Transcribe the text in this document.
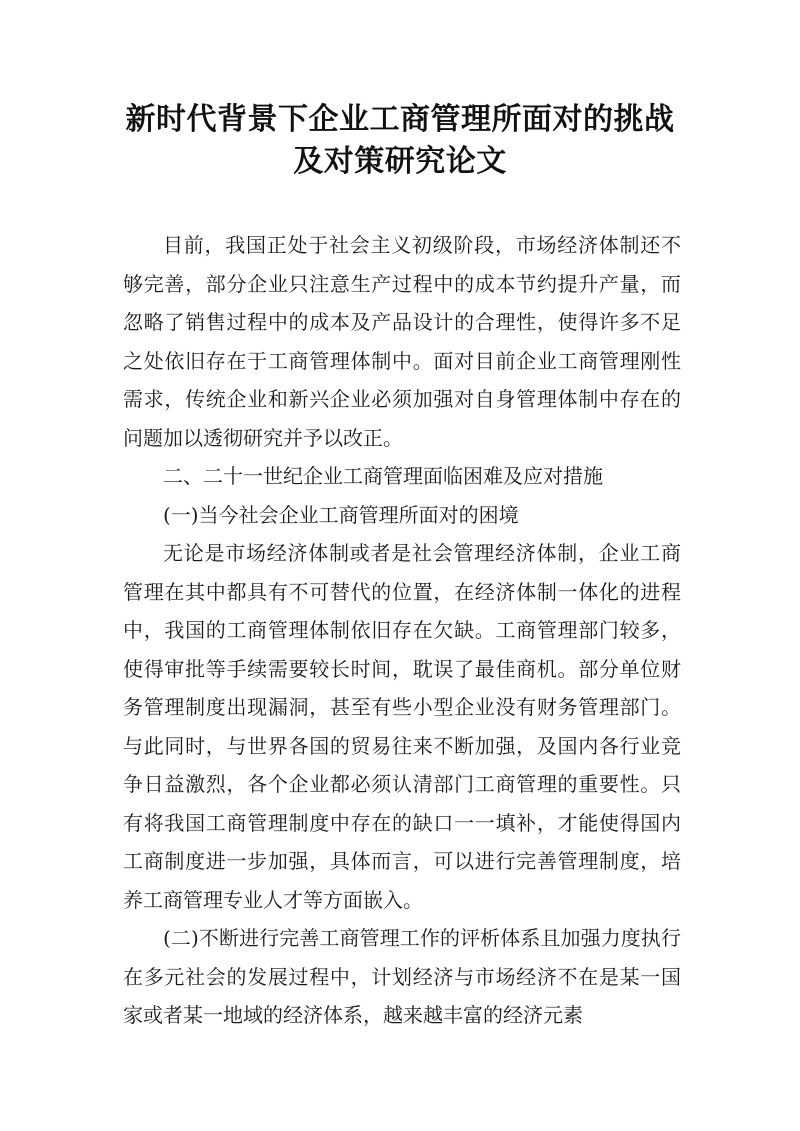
新时代背景下企业工商管理所面对的挑战
及对策研究论文

目前，我国正处于社会主义初级阶段，市场经济体制还不够完善，部分企业只注意生产过程中的成本节约提升产量，而忽略了销售过程中的成本及产品设计的合理性，使得许多不足之处依旧存在于工商管理体制中。面对目前企业工商管理刚性需求，传统企业和新兴企业必须加强对自身管理体制中存在的问题加以透彻研究并予以改正。

二、二十一世纪企业工商管理面临困难及应对措施

(一)当今社会企业工商管理所面对的困境

无论是市场经济体制或者是社会管理经济体制，企业工商管理在其中都具有不可替代的位置，在经济体制一体化的进程中，我国的工商管理体制依旧存在欠缺。工商管理部门较多，使得审批等手续需要较长时间，耽误了最佳商机。部分单位财务管理制度出现漏洞，甚至有些小型企业没有财务管理部门。与此同时，与世界各国的贸易往来不断加强，及国内各行业竞争日益激烈，各个企业都必须认清部门工商管理的重要性。只有将我国工商管理制度中存在的缺口一一填补，才能使得国内工商制度进一步加强，具体而言，可以进行完善管理制度，培养工商管理专业人才等方面嵌入。

(二)不断进行完善工商管理工作的评析体系且加强力度执行在多元社会的发展过程中，计划经济与市场经济不在是某一国家或者某一地域的经济体系，越来越丰富的经济元素
